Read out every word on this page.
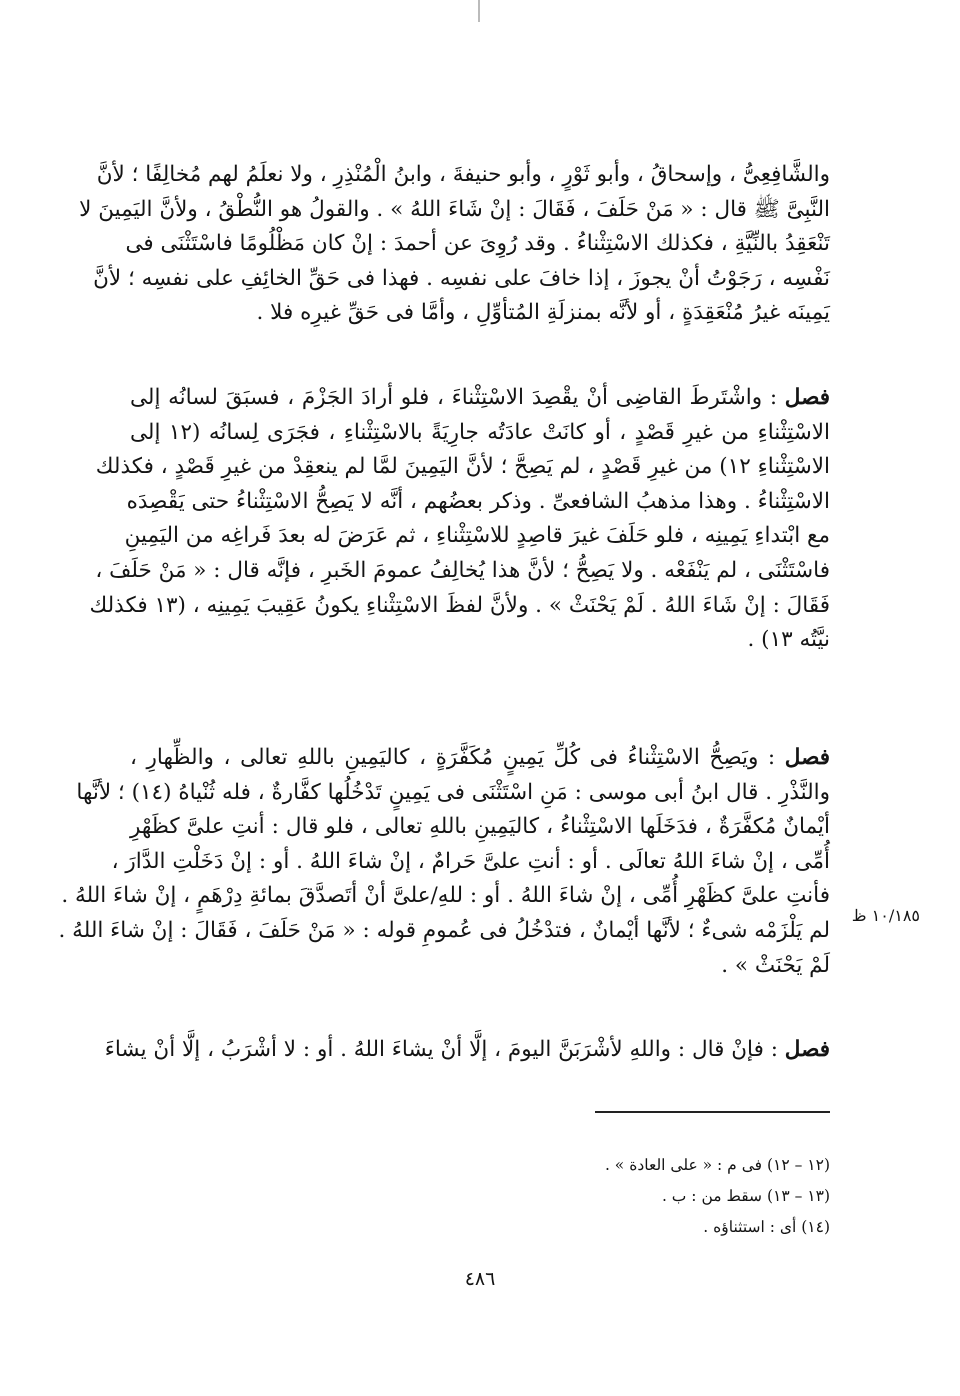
والشَّافِعِىُّ ، وإسحاقُ ، وأبو ثَوْرٍ ، وأبو حنيفةَ ، وابنُ الْمُنْذِرِ ، ولا نعلَمُ لهم مُخالِفًا ؛ لأنَّ
النَّبِىَّ ﷺ قال : « مَنْ حَلَفَ ، فَقَالَ : إنْ شَاءَ اللهُ » . والقولُ هو النُّطْقُ ، ولأنَّ اليَمِينَ لا
تَنْعَقِدُ بالنِّيَّةِ ، فكذلك الاسْتِثْناءُ . وقد رُوِىَ عن أحمدَ : إنْ كان مَظْلُومًا فاسْتَثْنَى فى
نَفْسِه ، رَجَوْتُ أنْ يجوزَ ، إذا خافَ على نفسِه . فهذا فى حَقِّ الخائِفِ على نفسِه ؛ لأنَّ
يَمِينَه غيرُ مُنْعَقِدَةٍ ، أو لأنَّه بمنزلَةِ المُتأوِّلِ ، وأمَّا فى حَقِّ غيرِه فلا .
فصل : واشْتَرطَ القاضِى أنْ يقْصِدَ الاسْتِثْناءَ ، فلو أرادَ الجَزْمَ ، فسبَقَ لسانُه إلى
الاسْتِثْناءِ من غيرِ قَصْدٍ ، أو كانَتْ عادَتُه جارِيَةً بالاسْتِثْناءِ ، فجَرَى لِسانُه (١٢ إلى
الاسْتِثْناءِ ١٢) من غيرِ قَصْدٍ ، لم يَصِحَّ ؛ لأنَّ اليَمِينَ لمَّا لم ينعقِدْ من غيرِ قَصْدٍ ، فكذلك
الاسْتِثْناءُ . وهذا مذهبُ الشافعىِّ . وذكر بعضُهم ، أنَّه لا يَصِحُّ الاسْتِثْناءُ حتى يَقْصِدَه
مع ابْتداءِ يَمِينِه ، فلو حَلَفَ غيرَ قاصِدٍ للاسْتِثْناءِ ، ثم عَرَضَ له بعدَ فَراغِه من اليَمِينِ
فاسْتَثْنَى ، لم يَنْفَعْه . ولا يَصِحُّ ؛ لأنَّ هذا يُخالِفُ عمومَ الخَبرِ ، فإنَّه قال : « مَنْ حَلَفَ ،
فَقَالَ : إنْ شَاءَ اللهُ . لَمْ يَحْنَثْ » . ولأنَّ لفظَ الاسْتِثْناءِ يكونُ عَقِيبَ يَمِينِه ، (١٣ فكذلك
نيَّتُه ١٣) .
فصل : ويَصِحُّ الاسْتِثْناءُ فى كُلِّ يَمِينٍ مُكَفَّرَةٍ ، كاليَمِينِ باللهِ تعالى ، والظِّهارِ ،
والنَّذْرِ . قال ابنُ أبى موسى : مَنِ اسْتَثْنَى فى يَمِينٍ تَدْخُلُها كفَّارةٌ ، فله ثُنْياهُ (١٤) ؛ لأنَّها
أيْمانٌ مُكفَّرَةٌ ، فدَخَلَها الاسْتِثْناءُ ، كاليَمِينِ باللهِ تعالى ، فلو قال : أنتِ علىَّ كظَهْرِ
أُمِّى ، إنْ شاءَ اللهُ تعالَى . أو : أنتِ علىَّ حَرامٌ ، إنْ شاءَ اللهُ . أو : إنْ دَخَلْتِ الدَّارَ ،
فأنتِ علىَّ كظَهْرِ أُمِّى ، إنْ شاءَ اللهُ . أو : للهِ/علىَّ أنْ أتَصدَّقَ بمائةِ دِرْهَمٍ ، إنْ شاءَ اللهُ .
لم يَلْزَمْه شىءٌ ؛ لأنَّها أيْمانٌ ، فتدْخُلُ فى عُمومِ قوله : « مَنْ حَلَفَ ، فَقَالَ : إنْ شاءَ اللهُ .
لَمْ يَحْنَثْ » .
فصل : فإنْ قال : واللهِ لأشْرَبَنَّ اليومَ ، إلَّا أنْ يشاءَ اللهُ . أو : لا أشْرَبُ ، إلَّا أنْ يشاءَ
١٠/١٨٥ ظ
(١٢ – ١٢) فى م : « على العادة » .
(١٣ – ١٣) سقط من : ب .
(١٤) أى : استثناؤه .
٤٨٦
